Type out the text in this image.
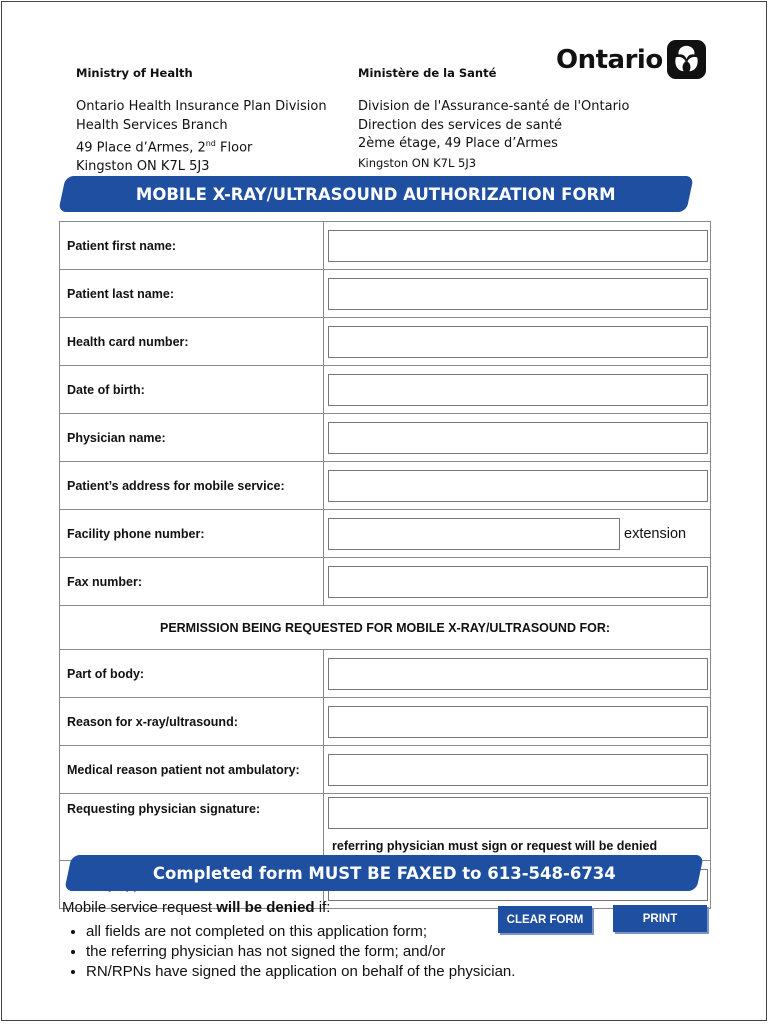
Ministry of Health
Ontario Health Insurance Plan Division
Health Services Branch
49 Place d’Armes, 2nd Floor
Kingston ON K7L 5J3
Ministère de la Santé
Division de l'Assurance-santé de l'Ontario
Direction des services de santé
2ème étage, 49 Place d’Armes
Kingston ON K7L 5J3
Ontario
MOBILE X-RAY/ULTRASOUND AUTHORIZATION FORM
Patient first name:	

Patient last name:	

Health card number:	

Date of birth:	

Physician name:	

Patient’s address for mobile service:	

Facility phone number:	extension

Fax number:	

PERMISSION BEING REQUESTED FOR MOBILE X-RAY/ULTRASOUND FOR:	
Part of body:	

Reason for x-ray/ultrasound:	

Medical reason patient not ambulatory:	

Requesting physician signature:	referring physician must sign or request will be denied

Completed form MUST BE FAXED to 613-548-6734
Mobile service request will be denied if:
• all fields are not completed on this application form;
• the referring physician has not signed the form; and/or
• RN/RPNs have signed the application on behalf of the physician.
CLEAR FORM	PRINT
